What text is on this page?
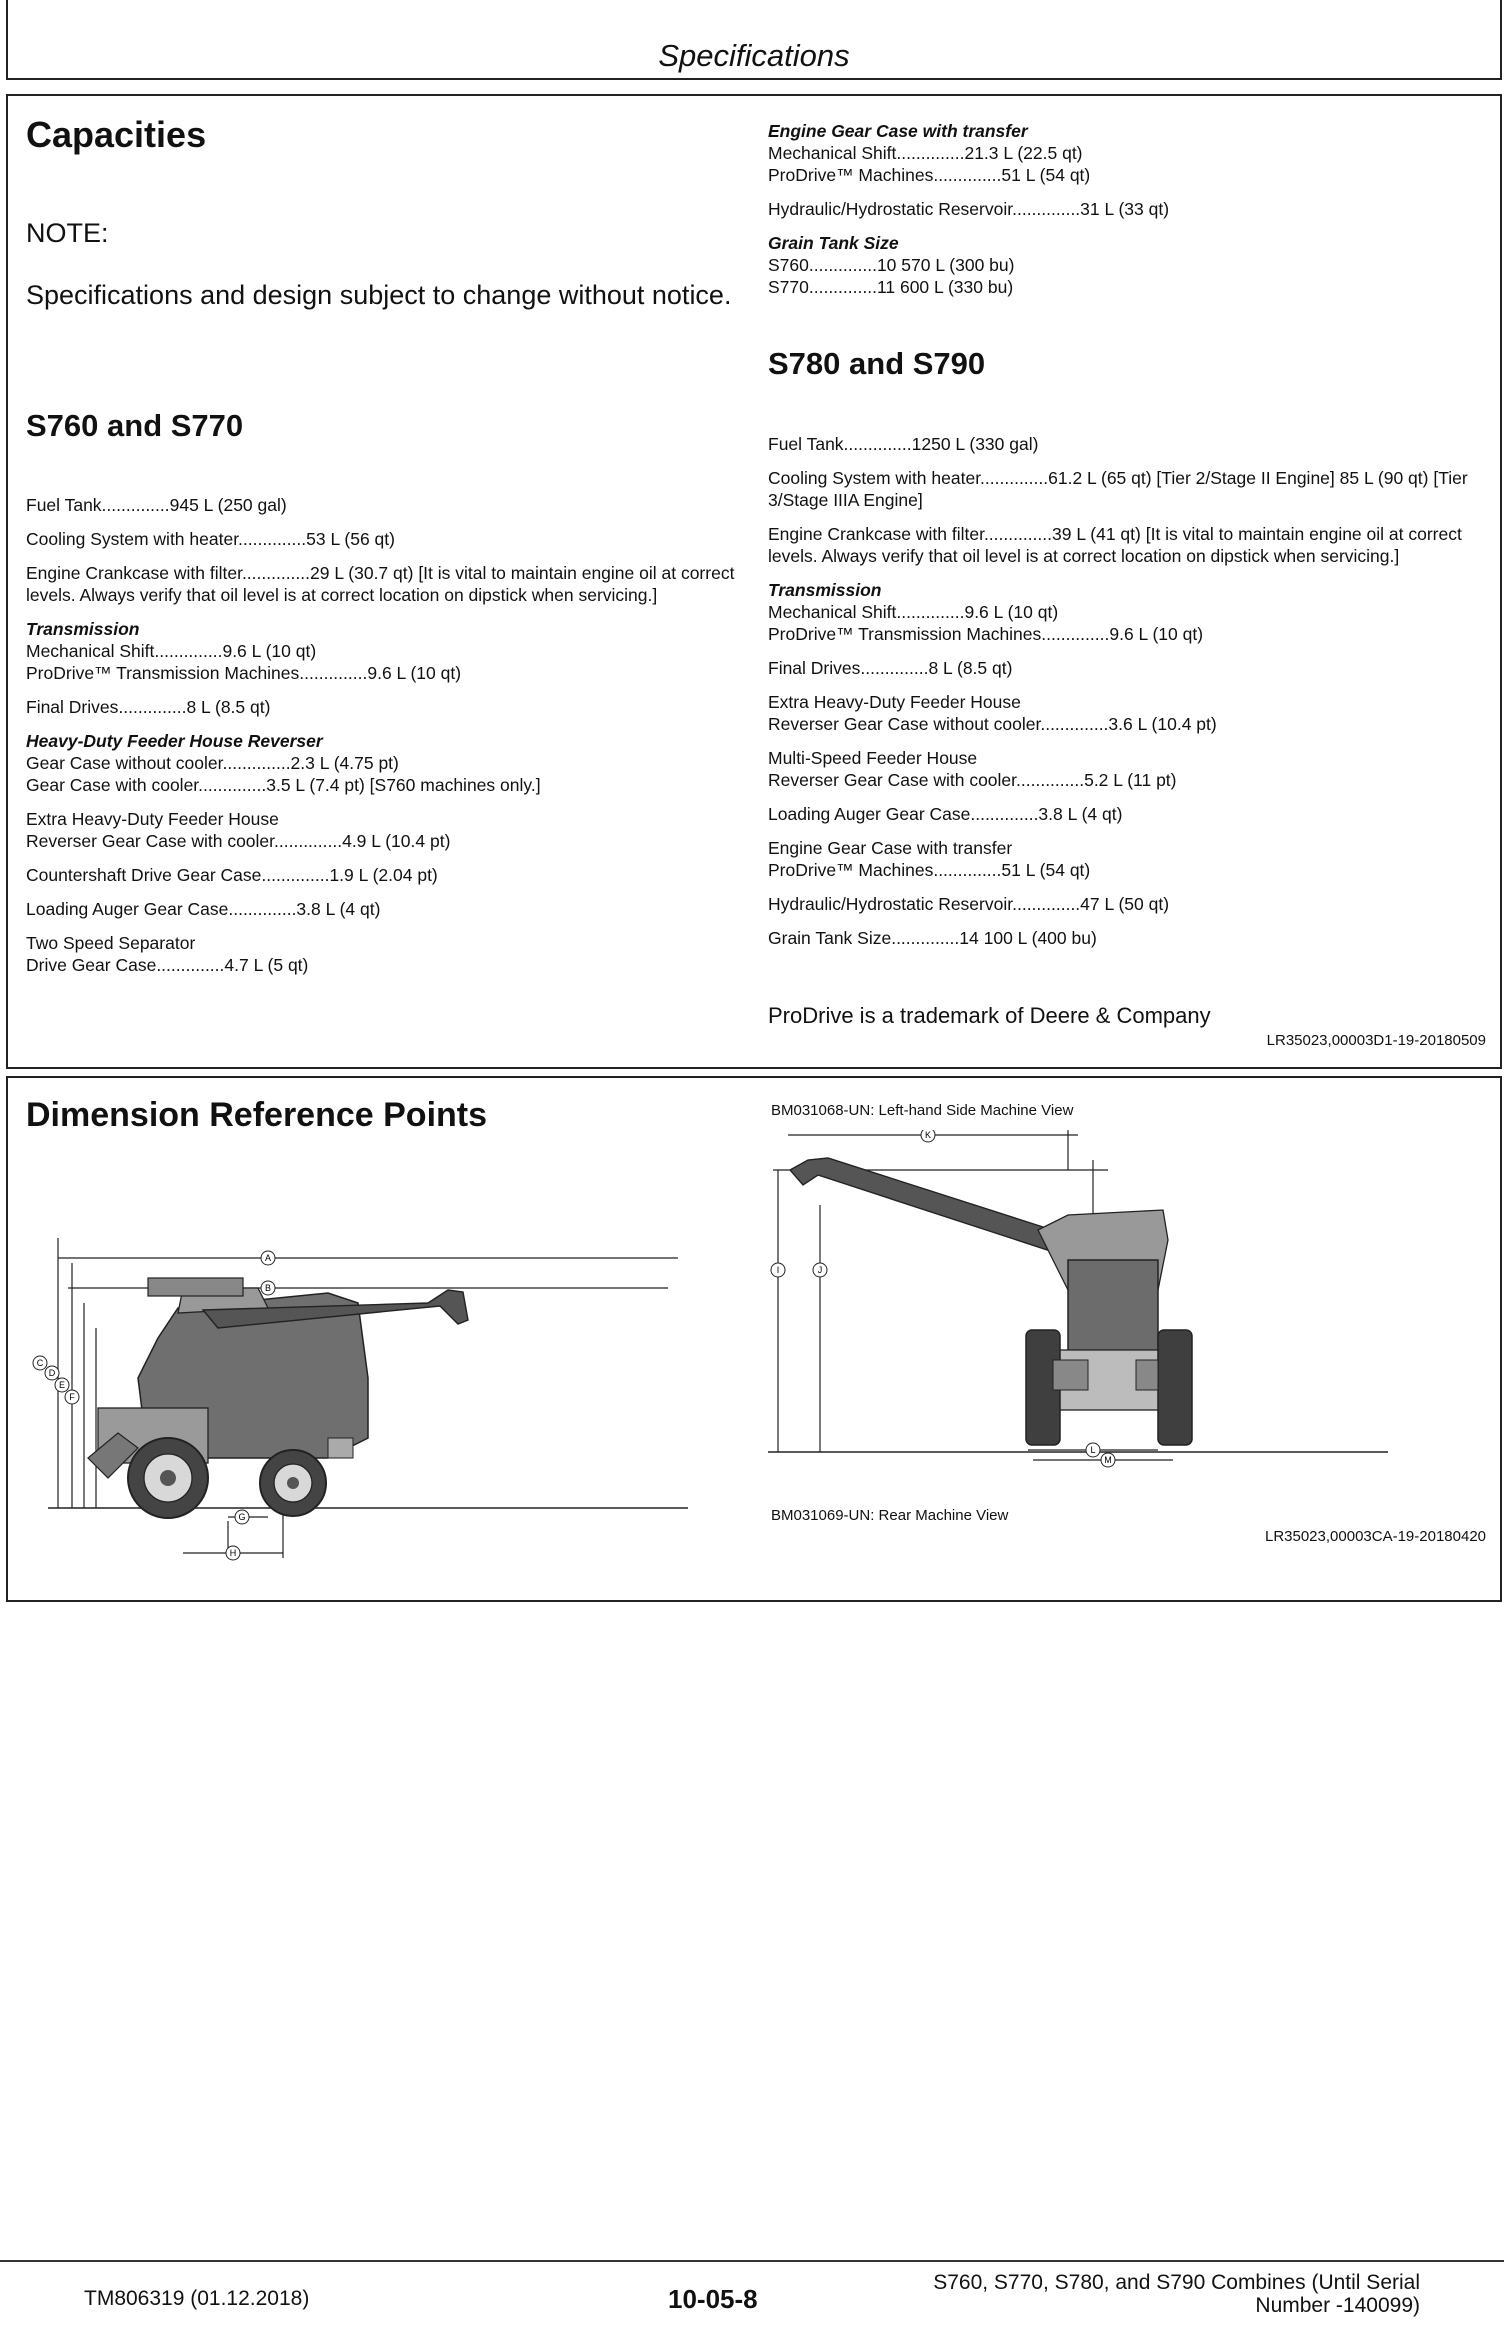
Specifications
Capacities
NOTE:
Specifications and design subject to change without notice.
S760 and S770
Fuel Tank..............945 L (250 gal)
Cooling System with heater..............53 L (56 qt)
Engine Crankcase with filter..............29 L (30.7 qt) [It is vital to maintain engine oil at correct levels. Always verify that oil level is at correct location on dipstick when servicing.]
Transmission
Mechanical Shift..............9.6 L (10 qt)
ProDrive™ Transmission Machines..............9.6 L (10 qt)
Final Drives..............8 L (8.5 qt)
Heavy-Duty Feeder House Reverser
Gear Case without cooler..............2.3 L (4.75 pt)
Gear Case with cooler..............3.5 L (7.4 pt) [S760 machines only.]
Extra Heavy-Duty Feeder House
Reverser Gear Case with cooler..............4.9 L (10.4 pt)
Countershaft Drive Gear Case..............1.9 L (2.04 pt)
Loading Auger Gear Case..............3.8 L (4 qt)
Two Speed Separator
Drive Gear Case..............4.7 L (5 qt)
Engine Gear Case with transfer
Mechanical Shift..............21.3 L (22.5 qt)
ProDrive™ Machines..............51 L (54 qt)
Hydraulic/Hydrostatic Reservoir..............31 L (33 qt)
Grain Tank Size
S760..............10 570 L (300 bu)
S770..............11 600 L (330 bu)
S780 and S790
Fuel Tank..............1250 L (330 gal)
Cooling System with heater..............61.2 L (65 qt) [Tier 2/Stage II Engine] 85 L (90 qt) [Tier 3/Stage IIIA Engine]
Engine Crankcase with filter..............39 L (41 qt) [It is vital to maintain engine oil at correct levels. Always verify that oil level is at correct location on dipstick when servicing.]
Transmission
Mechanical Shift..............9.6 L (10 qt)
ProDrive™ Transmission Machines..............9.6 L (10 qt)
Final Drives..............8 L (8.5 qt)
Extra Heavy-Duty Feeder House
Reverser Gear Case without cooler..............3.6 L (10.4 pt)
Multi-Speed Feeder House
Reverser Gear Case with cooler..............5.2 L (11 pt)
Loading Auger Gear Case..............3.8 L (4 qt)
Engine Gear Case with transfer
ProDrive™ Machines..............51 L (54 qt)
Hydraulic/Hydrostatic Reservoir..............47 L (50 qt)
Grain Tank Size..............14 100 L (400 bu)
ProDrive is a trademark of Deere & Company
LR35023,00003D1-19-20180509
Dimension Reference Points	BM031068-UN: Left-hand Side Machine View
BM031069-UN: Rear Machine View
LR35023,00003CA-19-20180420
A
B
C
D
E
F
G
H
K
I	J
L
M
TM806319 (01.12.2018)	10-05-8
S760, S770, S780, and S790 Combines (Until Serial
Number -140099)
